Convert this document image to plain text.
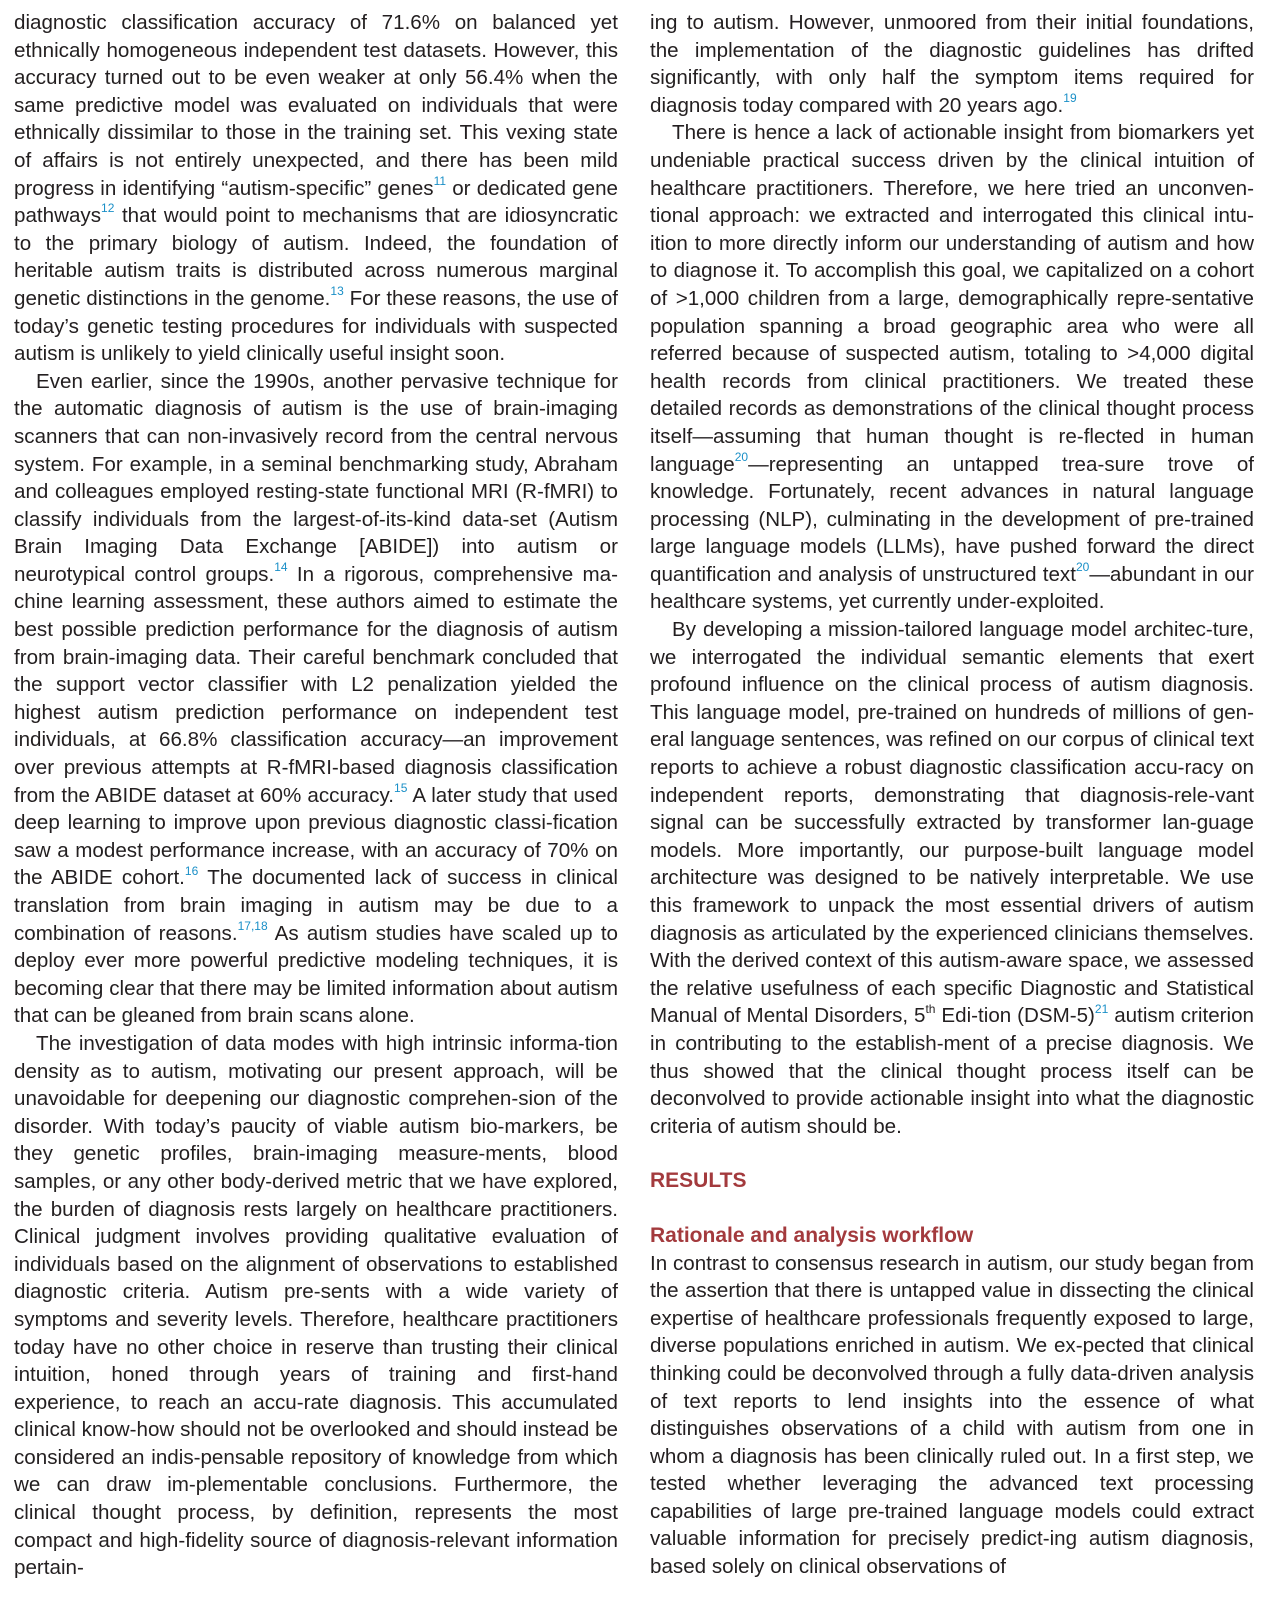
diagnostic classification accuracy of 71.6% on balanced yet ethnically homogeneous independent test datasets. However, this accuracy turned out to be even weaker at only 56.4% when the same predictive model was evaluated on individuals that were ethnically dissimilar to those in the training set. This vexing state of affairs is not entirely unexpected, and there has been mild progress in identifying “autism-specific” genes$^{11}$ or dedicated gene pathways$^{12}$ that would point to mechanisms that are idiosyncratic to the primary biology of autism. Indeed, the foundation of heritable autism traits is distributed across numerous marginal genetic distinctions in the genome.$^{13}$ For these reasons, the use of today’s genetic testing procedures for individuals with suspected autism is unlikely to yield clinically useful insight soon.

Even earlier, since the 1990s, another pervasive technique for the automatic diagnosis of autism is the use of brain-imaging scanners that can non-invasively record from the central nervous system. For example, in a seminal benchmarking study, Abraham and colleagues employed resting-state functional MRI (R-fMRI) to classify individuals from the largest-of-its-kind data-set (Autism Brain Imaging Data Exchange [ABIDE]) into autism or neurotypical control groups.$^{14}$ In a rigorous, comprehensive ma-chine learning assessment, these authors aimed to estimate the best possible prediction performance for the diagnosis of autism from brain-imaging data. Their careful benchmark concluded that the support vector classifier with L2 penalization yielded the highest autism prediction performance on independent test individuals, at 66.8% classification accuracy—an improvement over previous attempts at R-fMRI-based diagnosis classification from the ABIDE dataset at 60% accuracy.$^{15}$ A later study that used deep learning to improve upon previous diagnostic classi-fication saw a modest performance increase, with an accuracy of 70% on the ABIDE cohort.$^{16}$ The documented lack of success in clinical translation from brain imaging in autism may be due to a combination of reasons.$^{17,18}$ As autism studies have scaled up to deploy ever more powerful predictive modeling techniques, it is becoming clear that there may be limited information about autism that can be gleaned from brain scans alone.

The investigation of data modes with high intrinsic informa-tion density as to autism, motivating our present approach, will be unavoidable for deepening our diagnostic comprehen-sion of the disorder. With today’s paucity of viable autism bio-markers, be they genetic profiles, brain-imaging measure-ments, blood samples, or any other body-derived metric that we have explored, the burden of diagnosis rests largely on healthcare practitioners. Clinical judgment involves providing qualitative evaluation of individuals based on the alignment of observations to established diagnostic criteria. Autism pre-sents with a wide variety of symptoms and severity levels. Therefore, healthcare practitioners today have no other choice in reserve than trusting their clinical intuition, honed through years of training and first-hand experience, to reach an accu-rate diagnosis. This accumulated clinical know-how should not be overlooked and should instead be considered an indis-pensable repository of knowledge from which we can draw im-plementable conclusions. Furthermore, the clinical thought process, by definition, represents the most compact and high-fidelity source of diagnosis-relevant information pertain-

ing to autism. However, unmoored from their initial foundations, the implementation of the diagnostic guidelines has drifted significantly, with only half the symptom items required for diagnosis today compared with 20 years ago.$^{19}$

There is hence a lack of actionable insight from biomarkers yet undeniable practical success driven by the clinical intuition of healthcare practitioners. Therefore, we here tried an unconven-tional approach: we extracted and interrogated this clinical intu-ition to more directly inform our understanding of autism and how to diagnose it. To accomplish this goal, we capitalized on a cohort of >1,000 children from a large, demographically repre-sentative population spanning a broad geographic area who were all referred because of suspected autism, totaling to >4,000 digital health records from clinical practitioners. We treated these detailed records as demonstrations of the clinical thought process itself—assuming that human thought is re-flected in human language$^{20}$—representing an untapped trea-sure trove of knowledge. Fortunately, recent advances in natural language processing (NLP), culminating in the development of pre-trained large language models (LLMs), have pushed forward the direct quantification and analysis of unstructured text$^{20}$—abundant in our healthcare systems, yet currently under-exploited.

By developing a mission-tailored language model architec-ture, we interrogated the individual semantic elements that exert profound influence on the clinical process of autism diagnosis. This language model, pre-trained on hundreds of millions of gen-eral language sentences, was refined on our corpus of clinical text reports to achieve a robust diagnostic classification accu-racy on independent reports, demonstrating that diagnosis-rele-vant signal can be successfully extracted by transformer lan-guage models. More importantly, our purpose-built language model architecture was designed to be natively interpretable. We use this framework to unpack the most essential drivers of autism diagnosis as articulated by the experienced clinicians themselves. With the derived context of this autism-aware space, we assessed the relative usefulness of each specific Diagnostic and Statistical Manual of Mental Disorders, 5th Edi-tion (DSM-5)$^{21}$ autism criterion in contributing to the establish-ment of a precise diagnosis. We thus showed that the clinical thought process itself can be deconvolved to provide actionable insight into what the diagnostic criteria of autism should be.

RESULTS
Rationale and analysis workflow

In contrast to consensus research in autism, our study began from the assertion that there is untapped value in dissecting the clinical expertise of healthcare professionals frequently exposed to large, diverse populations enriched in autism. We ex-pected that clinical thinking could be deconvolved through a fully data-driven analysis of text reports to lend insights into the essence of what distinguishes observations of a child with autism from one in whom a diagnosis has been clinically ruled out. In a first step, we tested whether leveraging the advanced text processing capabilities of large pre-trained language models could extract valuable information for precisely predict-ing autism diagnosis, based solely on clinical observations of
